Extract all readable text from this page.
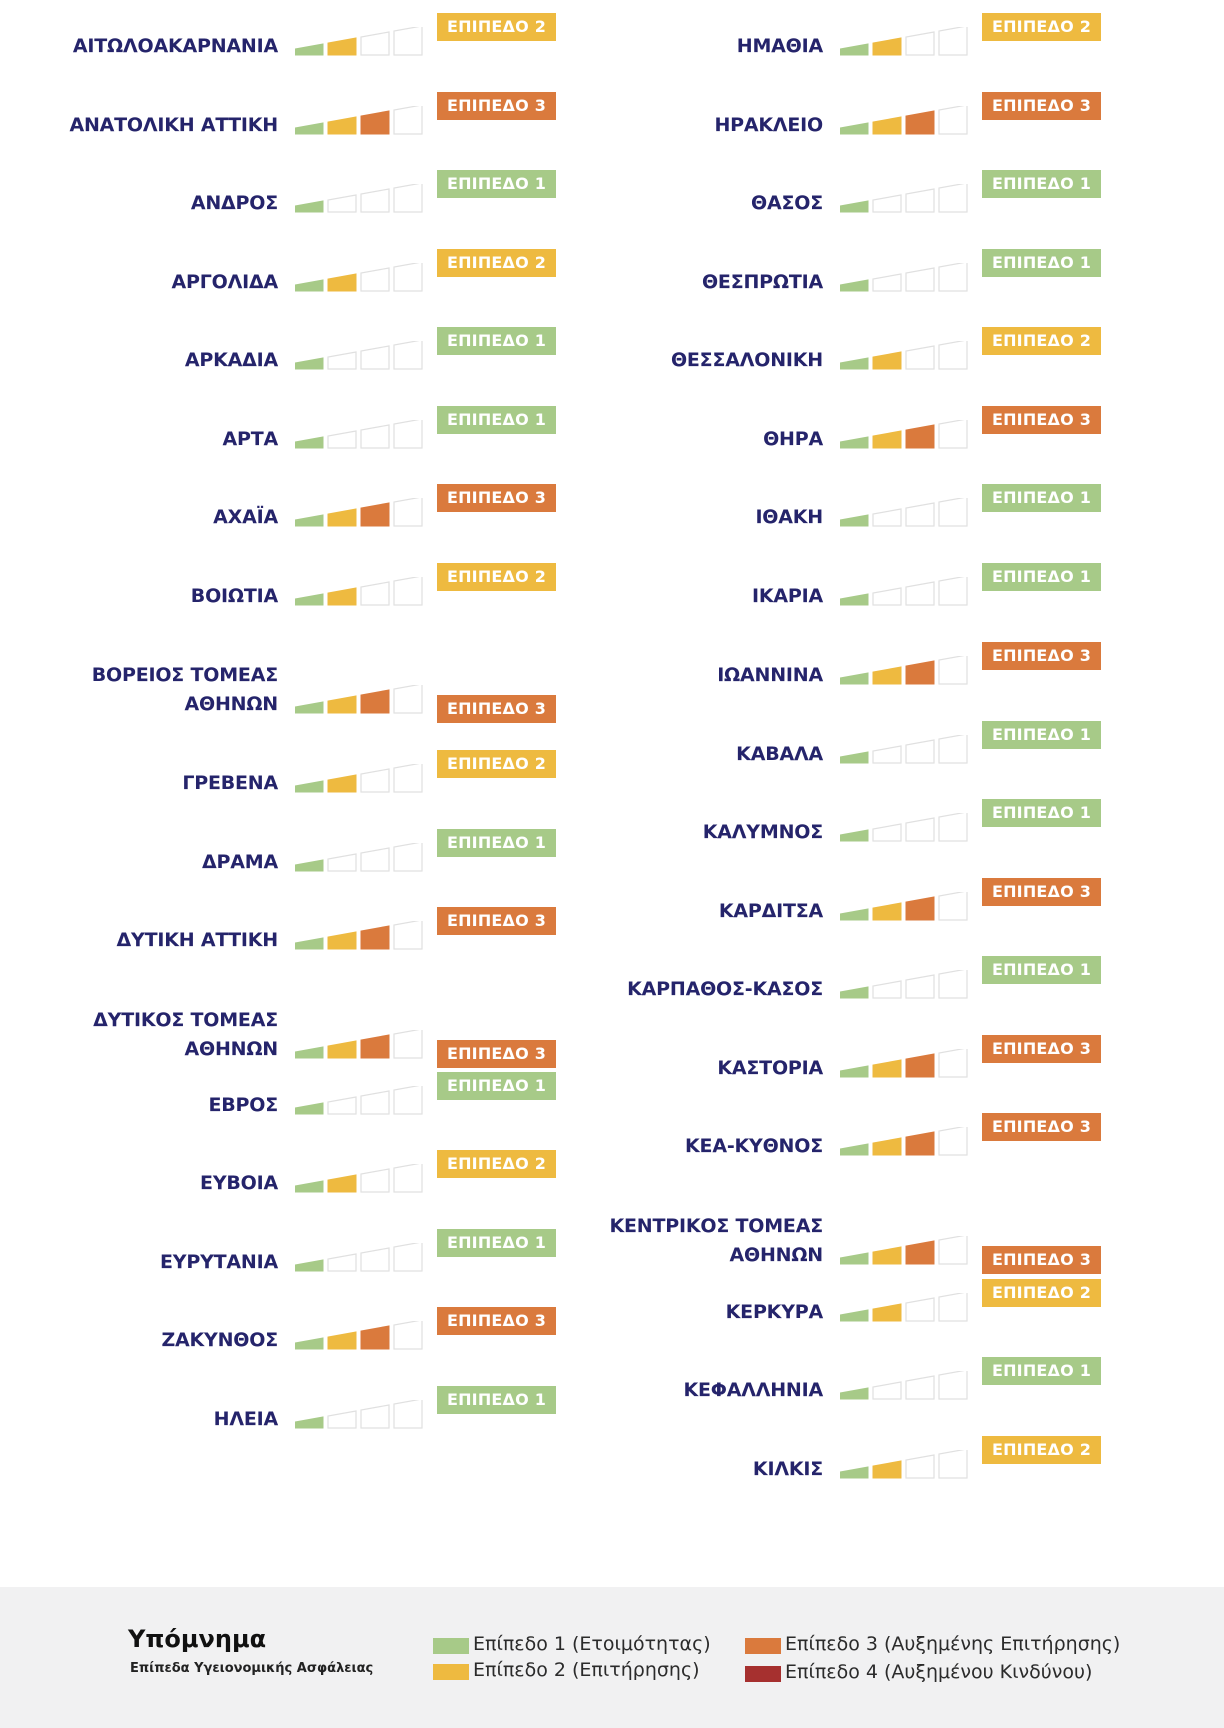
ΑΙΤΩΛΟΑΚΑΡΝΑΝΙΑ
ΕΠΙΠΕΔΟ 2
ΑΝΑΤΟΛΙΚΗ ΑΤΤΙΚΗ
ΕΠΙΠΕΔΟ 3
ΑΝΔΡΟΣ
ΕΠΙΠΕΔΟ 1
ΑΡΓΟΛΙΔΑ
ΕΠΙΠΕΔΟ 2
ΑΡΚΑΔΙΑ
ΕΠΙΠΕΔΟ 1
ΑΡΤΑ
ΕΠΙΠΕΔΟ 1
ΑΧΑΪΑ
ΕΠΙΠΕΔΟ 3
ΒΟΙΩΤΙΑ
ΕΠΙΠΕΔΟ 2
ΒΟΡΕΙΟΣ ΤΟΜΕΑΣ
ΑΘΗΝΩΝ	ΕΠΙΠΕΔΟ 3
ΓΡΕΒΕΝΑ
ΕΠΙΠΕΔΟ 2
ΔΡΑΜΑ
ΕΠΙΠΕΔΟ 1
ΔΥΤΙΚΗ ΑΤΤΙΚΗ
ΕΠΙΠΕΔΟ 3
ΔΥΤΙΚΟΣ ΤΟΜΕΑΣ
ΑΘΗΝΩΝ	ΕΠΙΠΕΔΟ 3
ΕΒΡΟΣ
ΕΠΙΠΕΔΟ 1
ΕΥΒΟΙΑ
ΕΠΙΠΕΔΟ 2
ΕΥΡΥΤΑΝΙΑ
ΕΠΙΠΕΔΟ 1
ΖΑΚΥΝΘΟΣ
ΕΠΙΠΕΔΟ 3
ΗΛΕΙΑ
ΕΠΙΠΕΔΟ 1
ΗΜΑΘΙΑ
ΕΠΙΠΕΔΟ 2
ΗΡΑΚΛΕΙΟ
ΕΠΙΠΕΔΟ 3
ΘΑΣΟΣ
ΕΠΙΠΕΔΟ 1
ΘΕΣΠΡΩΤΙΑ
ΕΠΙΠΕΔΟ 1
ΘΕΣΣΑΛΟΝΙΚΗ
ΕΠΙΠΕΔΟ 2
ΘΗΡΑ
ΕΠΙΠΕΔΟ 3
ΙΘΑΚΗ
ΕΠΙΠΕΔΟ 1
ΙΚΑΡΙΑ
ΕΠΙΠΕΔΟ 1
ΙΩΑΝΝΙΝΑ
ΕΠΙΠΕΔΟ 3
ΚΑΒΑΛΑ
ΕΠΙΠΕΔΟ 1
ΚΑΛΥΜΝΟΣ
ΕΠΙΠΕΔΟ 1
ΚΑΡΔΙΤΣΑ
ΕΠΙΠΕΔΟ 3
ΚΑΡΠΑΘΟΣ-ΚΑΣΟΣ
ΕΠΙΠΕΔΟ 1
ΚΑΣΤΟΡΙΑ
ΕΠΙΠΕΔΟ 3
ΚΕΑ-ΚΥΘΝΟΣ
ΕΠΙΠΕΔΟ 3
ΚΕΝΤΡΙΚΟΣ ΤΟΜΕΑΣ
ΑΘΗΝΩΝ	ΕΠΙΠΕΔΟ 3
ΚΕΡΚΥΡΑ
ΕΠΙΠΕΔΟ 2
ΚΕΦΑΛΛΗΝΙΑ
ΕΠΙΠΕΔΟ 1
ΚΙΛΚΙΣ
ΕΠΙΠΕΔΟ 2
Υπόμνημα
Επίπεδα Υγειονομικής Ασφάλειας
Επίπεδο 1 (Ετοιμότητας)
Επίπεδο 2 (Επιτήρησης)
Επίπεδο 3 (Αυξημένης Επιτήρησης)
Επίπεδο 4 (Αυξημένου Κινδύνου)
